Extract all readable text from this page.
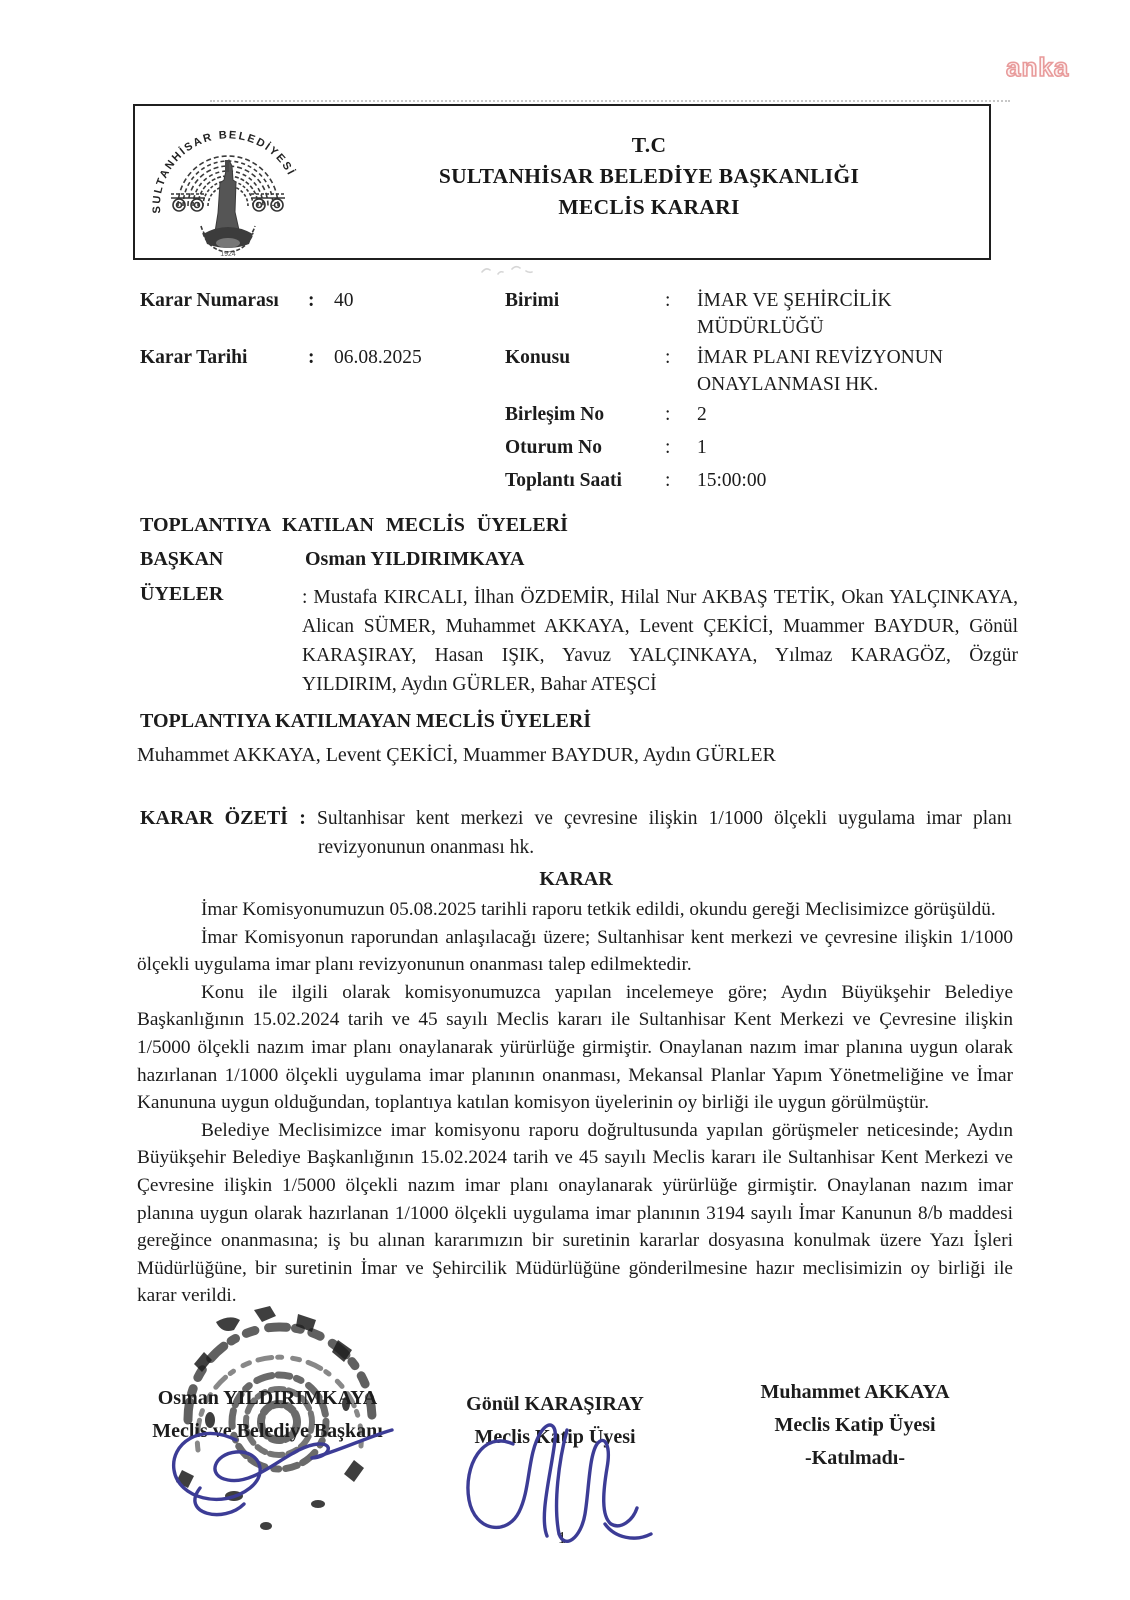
anka
SULTANHİSAR BELEDİYESİ
1924
T.C
SULTANHİSAR BELEDİYE BAŞKANLIĞI
MECLİS KARARI
Karar Numarası : 40
Karar Tarihi	: 06.08.2025
Birimi	: İMAR VE ŞEHİRCİLİK MÜDÜRLÜĞÜ
Konusu	: İMAR PLANI REVİZYONUN ONAYLANMASI HK.
Birleşim No	: 2
Oturum No	: 1
Toplantı Saati : 15:00:00
TOPLANTIYA KATILAN MECLİS ÜYELERİ
BAŞKAN	Osman YILDIRIMKAYA
ÜYELER	: Mustafa KIRCALI, İlhan ÖZDEMİR, Hilal Nur AKBAŞ TETİK, Okan YALÇINKAYA, Alican SÜMER, Muhammet AKKAYA, Levent ÇEKİCİ, Muammer BAYDUR, Gönül KARAŞIRAY, Hasan IŞIK, Yavuz YALÇINKAYA, Yılmaz KARAGÖZ, Özgür YILDIRIM, Aydın GÜRLER, Bahar ATEŞCİ
TOPLANTIYA KATILMAYAN MECLİS ÜYELERİ
Muhammet AKKAYA, Levent ÇEKİCİ, Muammer BAYDUR, Aydın GÜRLER
KARAR ÖZETİ : Sultanhisar kent merkezi ve çevresine ilişkin 1/1000 ölçekli uygulama imar planı revizyonunun onanması hk.
KARAR

İmar Komisyonumuzun 05.08.2025 tarihli raporu tetkik edildi, okundu gereği Meclisimizce görüşüldü.

İmar Komisyonun raporundan anlaşılacağı üzere; Sultanhisar kent merkezi ve çevresine ilişkin 1/1000 ölçekli uygulama imar planı revizyonunun onanması talep edilmektedir.

Konu ile ilgili olarak komisyonumuzca yapılan incelemeye göre; Aydın Büyükşehir Belediye Başkanlığının 15.02.2024 tarih ve 45 sayılı Meclis kararı ile Sultanhisar Kent Merkezi ve Çevresine ilişkin 1/5000 ölçekli nazım imar planı onaylanarak yürürlüğe girmiştir. Onaylanan nazım imar planına uygun olarak hazırlanan 1/1000 ölçekli uygulama imar planının onanması, Mekansal Planlar Yapım Yönetmeliğine ve İmar Kanununa uygun olduğundan, toplantıya katılan komisyon üyelerinin oy birliği ile uygun görülmüştür.

Belediye Meclisimizce imar komisyonu raporu doğrultusunda yapılan görüşmeler neticesinde; Aydın Büyükşehir Belediye Başkanlığının 15.02.2024 tarih ve 45 sayılı Meclis kararı ile Sultanhisar Kent Merkezi ve Çevresine ilişkin 1/5000 ölçekli nazım imar planı onaylanarak yürürlüğe girmiştir. Onaylanan nazım imar planına uygun olarak hazırlanan 1/1000 ölçekli uygulama imar planının 3194 sayılı İmar Kanunun 8/b maddesi gereğince onanmasına; iş bu alınan kararımızın bir suretinin kararlar dosyasına konulmak üzere Yazı İşleri Müdürlüğüne, bir suretinin İmar ve Şehircilik Müdürlüğüne gönderilmesine hazır meclisimizin oy birliği ile karar verildi.

Osman YILDIRIMKAYA
Meclis ve Belediye Başkanı
Gönül KARAŞIRAY
Meclis Katip Üyesi
Muhammet AKKAYA
Meclis Katip Üyesi
-Katılmadı-
1
